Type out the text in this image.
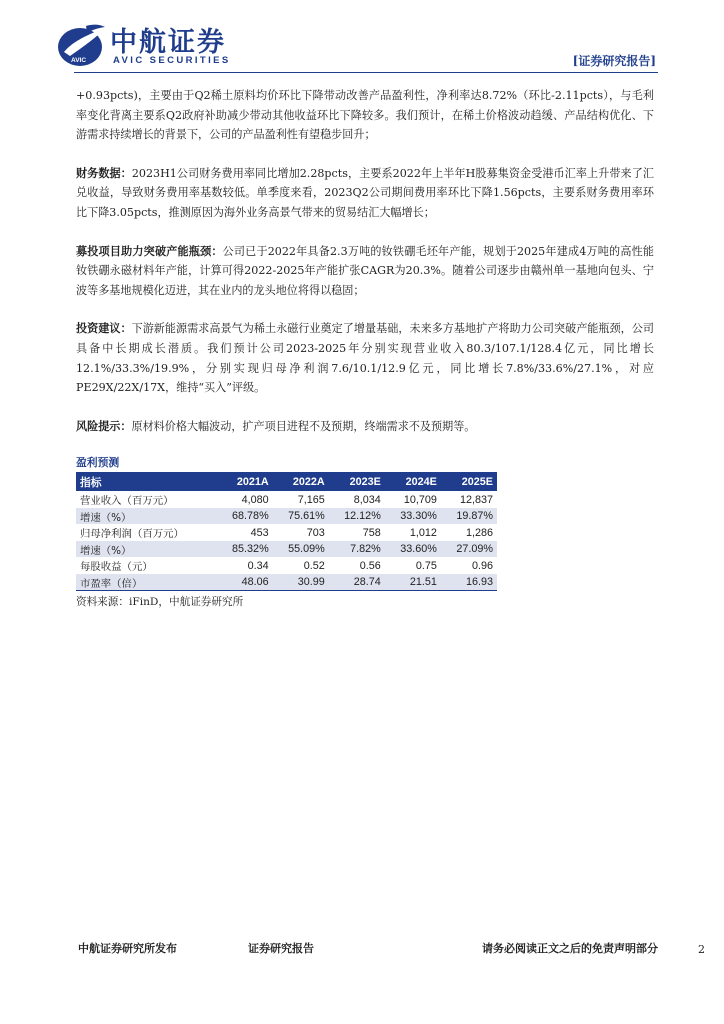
AVIC
中航证券
AVIC SECURITIES	[证券研究报告]

+0.93pcts)，主要由于Q2稀土原料均价环比下降带动改善产品盈利性，净利率达8.72%（环比-2.11pcts），与毛利率变化背离主要系Q2政府补助减少带动其他收益环比下降较多。我们预计，在稀土价格波动趋缓、产品结构优化、下游需求持续增长的背景下，公司的产品盈利性有望稳步回升；

财务数据：2023H1公司财务费用率同比增加2.28pcts，主要系2022年上半年H股募集资金受港币汇率上升带来了汇兑收益，导致财务费用率基数较低。单季度来看，2023Q2公司期间费用率环比下降1.56pcts，主要系财务费用率环比下降3.05pcts，推测原因为海外业务高景气带来的贸易结汇大幅增长；

募投项目助力突破产能瓶颈：公司已于2022年具备2.3万吨的钕铁硼毛坯年产能，规划于2025年建成4万吨的高性能钕铁硼永磁材料年产能，计算可得2022-2025年产能扩张CAGR为20.3%。随着公司逐步由赣州单一基地向包头、宁波等多基地规模化迈进，其在业内的龙头地位将得以稳固；

投资建议：下游新能源需求高景气为稀土永磁行业奠定了增量基础，未来多方基地扩产将助力公司突破产能瓶颈，公司具备中长期成长潜质。我们预计公司2023-2025年分别实现营业收入80.3/107.1/128.4亿元，同比增长12.1%/33.3%/19.9%，分别实现归母净利润7.6/10.1/12.9亿元，同比增长7.8%/33.6%/27.1%，对应PE29X/22X/17X，维持“买入”评级。

风险提示：原材料价格大幅波动，扩产项目进程不及预期，终端需求不及预期等。

盈利预测
指标	2021A	2022A	2023E	2024E	2025E
营业收入（百万元）	4,080	7,165	8,034	10,709	12,837
增速（%）	68.78%	75.61%	12.12%	33.30%	19.87%
归母净利润（百万元）	453	703	758	1,012	1,286
增速（%）	85.32%	55.09%	7.82%	33.60%	27.09%
每股收益（元）	0.34	0.52	0.56	0.75	0.96
市盈率（倍）	48.06	30.99	28.74	21.51	16.93
资料来源：iFinD，中航证券研究所
中航证券研究所发布	证券研究报告	请务必阅读正文之后的免责声明部分	2
